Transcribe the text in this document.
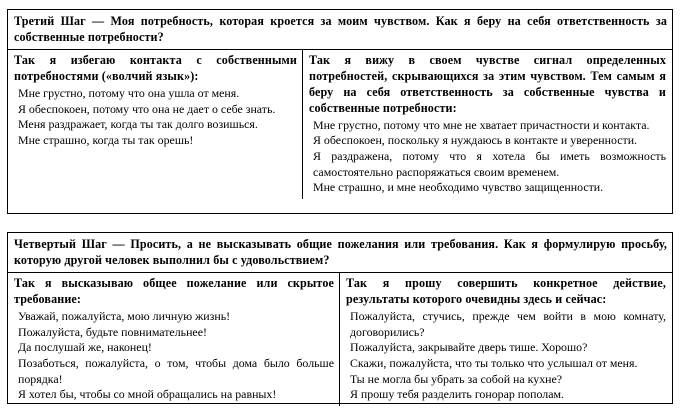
Третий Шаг — Моя потребность, которая кроется за моим чувством. Как я беру на себя ответственность за собственные потребности?

Так я избегаю контакта с собственными потребностями («волчий язык»):

Мне грустно, потому что она ушла от меня.
Я обеспокоен, потому что она не дает о себе знать.
Меня раздражает, когда ты так долго возишься.
Мне страшно, когда ты так орешь!

Так я вижу в своем чувстве сигнал определенных потребностей, скрывающихся за этим чувством. Тем самым я беру на себя ответственность за собственные чувства и собственные потребности:

Мне грустно, потому что мне не хватает причастности и контакта.
Я обеспокоен, поскольку я нуждаюсь в контакте и уверенности.
Я раздражена, потому что я хотела бы иметь возможность самостоятельно распоряжаться своим временем.
Мне страшно, и мне необходимо чувство защищенности.
Четвертый Шаг — Просить, а не высказывать общие пожелания или требования. Как я формулирую просьбу, которую другой человек выполнил бы с удовольствием?

Так я высказываю общее пожелание или скрытое требование:

Уважай, пожалуйста, мою личную жизнь!
Пожалуйста, будьте повнимательнее!
Да послушай же, наконец!
Позаботься, пожалуйста, о том, чтобы дома было больше порядка!
Я хотел бы, чтобы со мной обращались на равных!

Так я прошу совершить конкретное действие, результаты которого очевидны здесь и сейчас:

Пожалуйста, стучись, прежде чем войти в мою комнату, договорились?
Пожалуйста, закрывайте дверь тише. Хорошо?
Скажи, пожалуйста, что ты только что услышал от меня.
Ты не могла бы убрать за собой на кухне?
Я прошу тебя разделить гонорар пополам.
